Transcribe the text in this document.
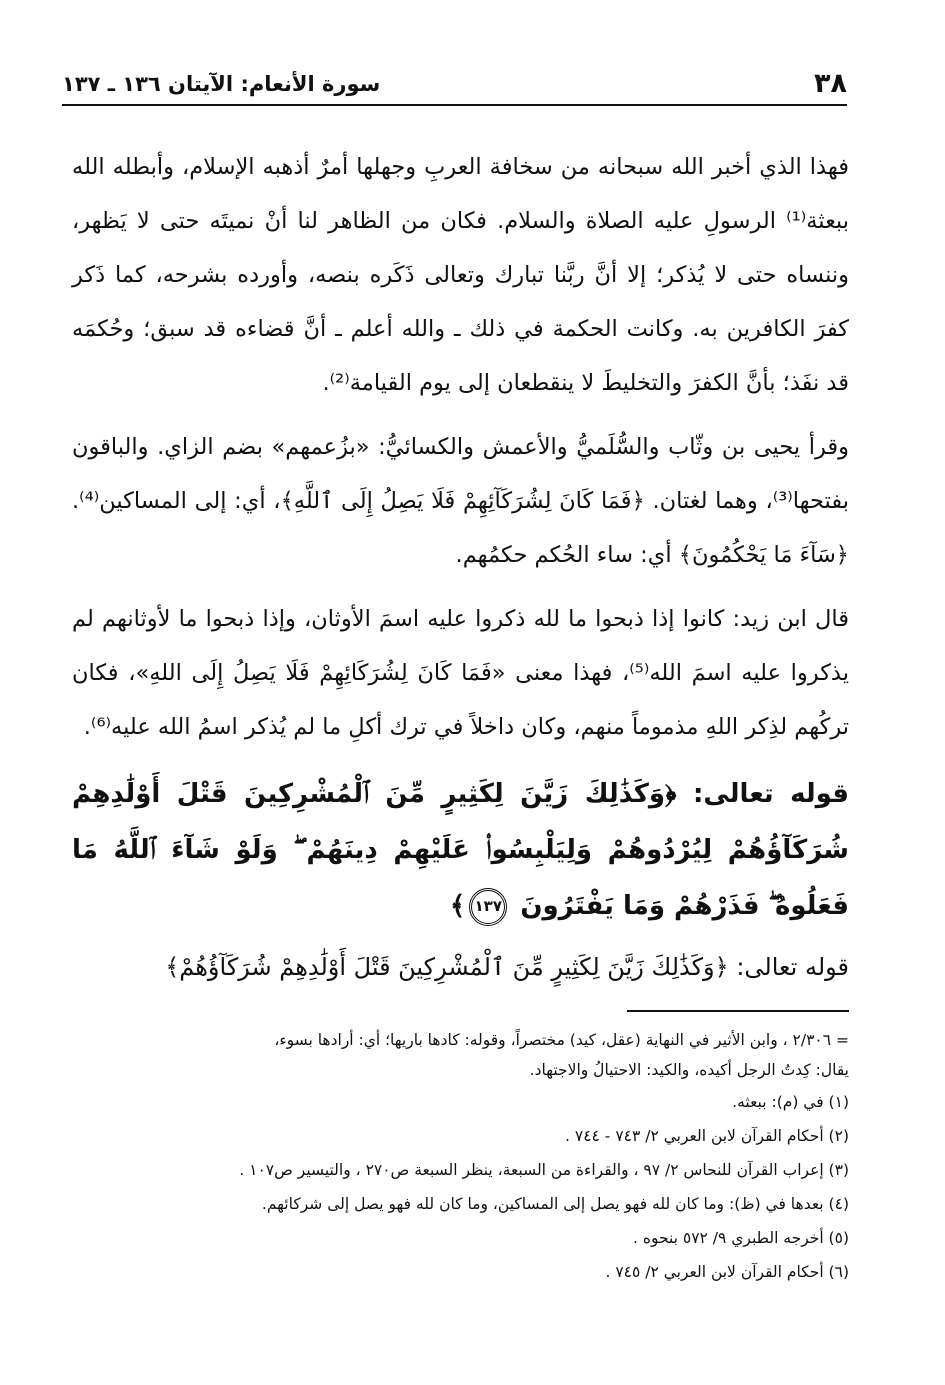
٣٨
سورة الأنعام: الآيتان ١٣٦ ـ ١٣٧

فهذا الذي أخبر الله سبحانه من سخافة العربِ وجهلها أمرٌ أذهبه الإسلام، وأبطله الله ببعثة⁽¹⁾ الرسولِ عليه الصلاة والسلام. فكان من الظاهر لنا أنْ نميتَه حتى لا يَظهر، وننساه حتى لا يُذكر؛ إلا أنَّ ربَّنا تبارك وتعالى ذَكَره بنصه، وأورده بشرحه، كما ذَكر كفرَ الكافرين به. وكانت الحكمة في ذلك ـ والله أعلم ـ أنَّ قضاءه قد سبق؛ وحُكمَه قد نفَذ؛ بأنَّ الكفرَ والتخليطَ لا ينقطعان إلى يوم القيامة⁽²⁾.

وقرأ يحيى بن وثّاب والسُّلَميُّ والأعمش والكسائيُّ: «بزُعمهم» بضم الزاي. والباقون بفتحها⁽³⁾، وهما لغتان. ﴿فَمَا كَانَ لِشُرَكَآئِهِمْ فَلَا يَصِلُ إِلَى ٱللَّهِ﴾، أي: إلى المساكين⁽⁴⁾. ﴿سَآءَ مَا يَحْكُمُونَ﴾ أي: ساء الحُكم حكمُهم.

قال ابن زيد: كانوا إذا ذبحوا ما لله ذكروا عليه اسمَ الأوثان، وإذا ذبحوا ما لأوثانهم لم يذكروا عليه اسمَ الله⁽⁵⁾، فهذا معنى «فَمَا كَانَ لِشُرَكَائِهِمْ فَلَا يَصِلُ إِلَى اللهِ»، فكان تركُهم لذِكر اللهِ مذموماً منهم، وكان داخلاً في ترك أكلِ ما لم يُذكر اسمُ الله عليه⁽⁶⁾.

قوله تعالى: ﴿وَكَذَٰلِكَ زَيَّنَ لِكَثِيرٍ مِّنَ ٱلْمُشْرِكِينَ قَتْلَ أَوْلَٰدِهِمْ شُرَكَآؤُهُمْ لِيُرْدُوهُمْ وَلِيَلْبِسُوا۟ عَلَيْهِمْ دِينَهُمْ ۖ وَلَوْ شَآءَ ٱللَّهُ مَا فَعَلُوهُ ۖ فَذَرْهُمْ وَمَا يَفْتَرُونَ ١٣٧﴾

قوله تعالى: ﴿وَكَذَٰلِكَ زَيَّنَ لِكَثِيرٍ مِّنَ ٱلْمُشْرِكِينَ قَتْلَ أَوْلَٰدِهِمْ شُرَكَآؤُهُمْ﴾

= ٢/٣٠٦ ، وابن الأثير في النهاية (عقل، كيد) مختصراً، وقوله: كادها باريها؛ أي: أرادها بسوء،

يقال: كِدتُ الرجل أكيده، والكيد: الاحتيالُ والاجتهاد.

(١) في (م): ببعثه.

(٢) أحكام القرآن لابن العربي ٢/ ٧٤٣ - ٧٤٤ .

(٣) إعراب القرآن للنحاس ٢/ ٩٧ ، والقراءة من السبعة، ينظر السبعة ص٢٧٠ ، والتيسير ص١٠٧ .

(٤) بعدها في (ظ): وما كان لله فهو يصل إلى المساكين، وما كان لله فهو يصل إلى شركائهم.

(٥) أخرجه الطبري ٩/ ٥٧٢ بنحوه .

(٦) أحكام القرآن لابن العربي ٢/ ٧٤٥ .
